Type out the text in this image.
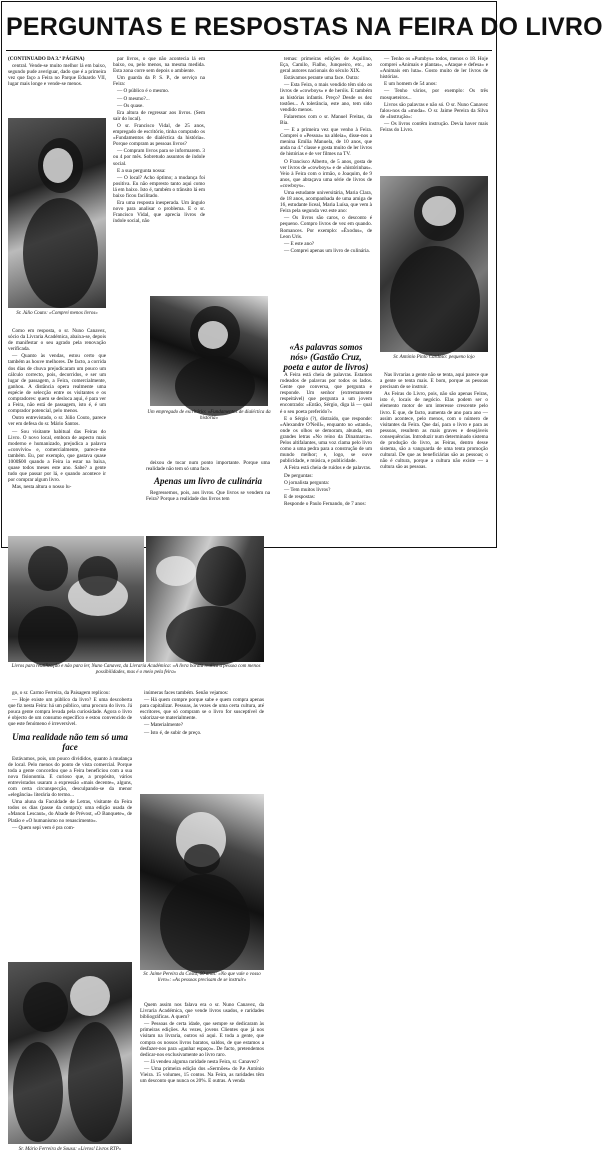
PERGUNTAS E RESPOSTAS NA FEIRA DO LIVRO

(CONTINUADO DA 3.ª PÁGINA)

central. Vende-se muito melhor lá em baixo, segundo pude averiguar, dado que é a primeira vez que faço a Feira no Parque Eduardo VII, lugar mais longe e vende-se menos.

Sr. Júlio Couto: «Comprei menos livros»

Como em resposta, o sr. Nuno Canavez, sócio da Livraria Académica, abaixa-se, depois de manifestar o seu agrado pela renovação verificada.

— Quanto às vendas, estou certo que também as houve melhores. De facto, a corrida dos dias de chuva prejudicaram um pouco um cálculo correcto, pois, decorridos, e ser um lugar de passagem, a Feira, comercialmente, ganhou. A distância opera realmente uma espécie de selecção entre os visitantes e os compradores: quem se desloca aqui, é para ver a Feira, não está de passagem, isto é, é um comprador potencial, pelo menos.

Outro entrevistado, o sr. Júlio Couto, parece ver em defesa do sr. Mário Santos.

— Sou visitante habitual das Feiras do Livro. O novo local, embora de aspecto mais moderno e humanizado, prejudica a palavra «convívio» e, comercialmente, parece-me também. Eu, por exemplo, que gastava quase 1000$00 quando a Feira ia estar na baixa, quase todos meses este ano. Sabe? a gente tudo que passar por lá, e quando acontece ir por comprar algum livro.

Mas, nesta altura o nosso lu-

par livros, o que não acontecia lá em baixo, ou, pelo menos, na mesma medida. Esta zona corre sem depois o ambiente.

Um guarda da P. S. P., de serviço na Feira:

— O público é o mesmo.

— O mesmo?...

— Os quase.

Era altura de regressar aos livros. (Sem sair do local).

O sr. Francisco Vidal, de 25 anos, empregado de escritório, tinha comprado os «Fundamentos de dialéctica da história». Porque compram as pessoas livros?

— Compram livros para se informarem. 3 ou 4 por mês. Sobretudo assuntos de índole social.

E a sua pergunta nossa:

— O local? Acho óptimo; a mudança foi positiva. Eu não empresto tanto aqui como lá em baixo. Isto é, também o trânsito lá em baixo ficou facilitado.

Era uma resposta inesperada. Um ângulo novo para analisar o problema. E o sr. Francisco Vidal, que aprecia livros de índole social, não

Um empregado de escritório: «Fundamentos de dialéctica da história»

deixou de tocar num ponto importante. Porque uma realidade não tem só uma face.

Apenas um livro de culinária

Regressemos, pois, aos livros. Que livros se vendem na Feira? Porque a realidade dos livros tem

temas: primeiras edições de Aquilino, Eça, Camilo, Fialho, Junqueiro, etc., ao geral autores nacionais do século XIX.

Estávamos perante uma face. Outra:

— Esta Feira, o mais vendido têm sido os livros de «cowboys» e de heróis. E também as histórias infantis. Preço? Desde os dez tostões... A tolerância, este ano, tem sido vendido menos.

Falaremos com o sr. Manuel Freitas, da Bia.

— E a primeira vez que venho à Feira. Comprei o «Pessoa» na aldeia», disse-nos a menina Emília Manuela, de 10 anos, que anda na 4.ª classe e gosta muito de ler livros de histórias e de ver filmes na TV.

O Francisco Alberto, de 5 anos, gosta de ver livros de «cowboys» e de «histórinhas». Veio à Feira com o irmão, o Joaquim, de 9 anos, que abraçava uma série de livros de «cowboys».

Uma estudante universitária, Maria Clara, de 18 anos, acompanhada de uma amiga de 16, estudante liceal, Maria Luísa, que vem à Feira pela segunda vez este ano:

— Os livros são caros, o desconto é pequeno. Compro livros de vez em quando. Romances. Por exemplo: «Êxodus», de Leon Uris.

— E este ano?

— Comprei apenas um livro de culinária.

«As palavras somos nós» (Gastão Cruz, poeta e autor de livros)

A Feira está cheia de palavras. Estamos rodeados de palavras por todos os lados. Gente que conversa, que pergunta e responde. Um senhor (extremamente respeitável) que pergunta a um jovem encontrado: «Então, Sérgio, diga lá — qual é o seu poeta preferido?»

E o Sérgio (?), distraído, que responde: «Alexandre O'Neill», enquanto no «stand», onde os olhos se demoram, abunda, em grandes letras «No reino da Dinamarca». Pelos altifalantes, uma voz clama pelo livro como a uma pedra para a construção de um mundo melhor; e, logo, se ouve publicidade, e música, e publicidade.

A Feira está cheia de ruídos e de palavras.

De perguntas:

O jornalista pergunta:

— Tem muitos livros?

E de respostas:

Responde o Paulo Fernando, de 7 anos:

— Tenho os «Pumbys» todos, menos o 18. Hoje comprei «Animais e plantas», «Ataque e defesa» e «Animais em luta». Gosto muito de ler livros de histórias.

E um homem de 54 anos:

— Tenho vários, por exemplo: Os três mosqueteiros...

Livros são palavras e não só. O sr. Nuno Canavez falou-nos da «moda». O sr. Jaime Pereira da Silva de «Instrução»:

— Os livros contêm instrução. Devia haver mais Feiras do Livro.

Sr. António Pinto Cardoso: pequeno lojo

Nas livrarias a gente não se tenta, aqui parece que a gente se tenta mais. E bom, porque as pessoas precisam de se instruir.

As Feiras do Livro, pois, não são apenas Feiras, isto é, locais de negócio. Elas podem ser o elemento motor de um interesse crescente pelo livro. E que, de facto, aumenta de ano para ano — assim acontece, pelo menos, com o número de visitantes da Feira. Que daí, para o livro e para as pessoas, resultem as mais graves e desejáveis consequências. Introduzir num determinado sistema de produção do livro, as Feiras, dentro desse sistema, são a vanguarda de uma tenta promoção cultural. De que as beneficiárias são as pessoas; o não é cultura, porque a cultura não existe — a cultura são as pessoas.

Livros para reutilização e não para ler, Nuno Canavez, da Livraria Académica: «A livra barata realiza a pessoa com menos possibilidades, mas é o meio pela feira»

go, o sr. Carmo Ferreira, da Paisagem replicou:

— Hoje existe um público da livro? E uma descoberta que fiz nesta Feira: há um público, uma procura do livro. Já pouca gente compra levada pela curiosidade. Agora o livro é objecto de um consumo específico e estou convencido de que este fenómeno é irreversível.

Uma realidade não tem só uma face

Estávamos, pois, um pouco divididos, quanto à mudança de local. Pelo menos do ponto de vista comercial. Porque toda a gente concordou que a Feira beneficiou com a sua nova fisionomia. E curioso que, a propósito, vários entrevistados usaram a expressão «mais decente», alguns, com certa circunspecção, desculpando-se da menor «elegância» literária do termo...

Uma aluna da Faculdade de Letras, visitante da Feira todos os dias (passe da compra): uma edição usada de «Manon Lescaut», do Abade de Prévost, «O Banquete», de Platão e «O humanismo no renascimento».

— Quem sepi vem é pra com-

Sr. Mário Ferreira de Sousa: «Livros! Livros RTP»

inúmeras faces também. Senão vejamos:

— Há quem compre porque sabe e quem compra apenas para capitalizar. Pessoas, às vezes de uma certa cultura, até escritores, que só compram se o livro for susceptível de valorizar-se materialmente.

— Materialmente?

— Isto é, de subir de preço.

Sr. Jaime Pereira da Costa, 60 anos: «No que vale o vosso livro»: «As pessoas precisam de se instruir»

Quem assim nos falava era o sr. Nuno Canavez, da Livraria Académica, que vende livros usados, e raridades bibliográficas. A quem?

— Pessoas de certa idade, que sempre se dedicaram às primeiras edições. As vezes, jovens Clientes que já nos visitam na livraria, outros só aqui. E toda a gente, que compra os nossos livros baratos, saldos, de que estamos a desfazer-nos para «ganhar espaço». De facto, pretendemos dedicar-nos exclusivamente ao livro raro.

— Já vendeu alguma raridade nesta Feira, sr. Canavez?

— Uma primeira edição dos «Sermões» do P.e António Vieira. 15 volumes, 15 contos. Na Feira, as raridades têm um desconto que nunca os 20%. E outras. A venda
